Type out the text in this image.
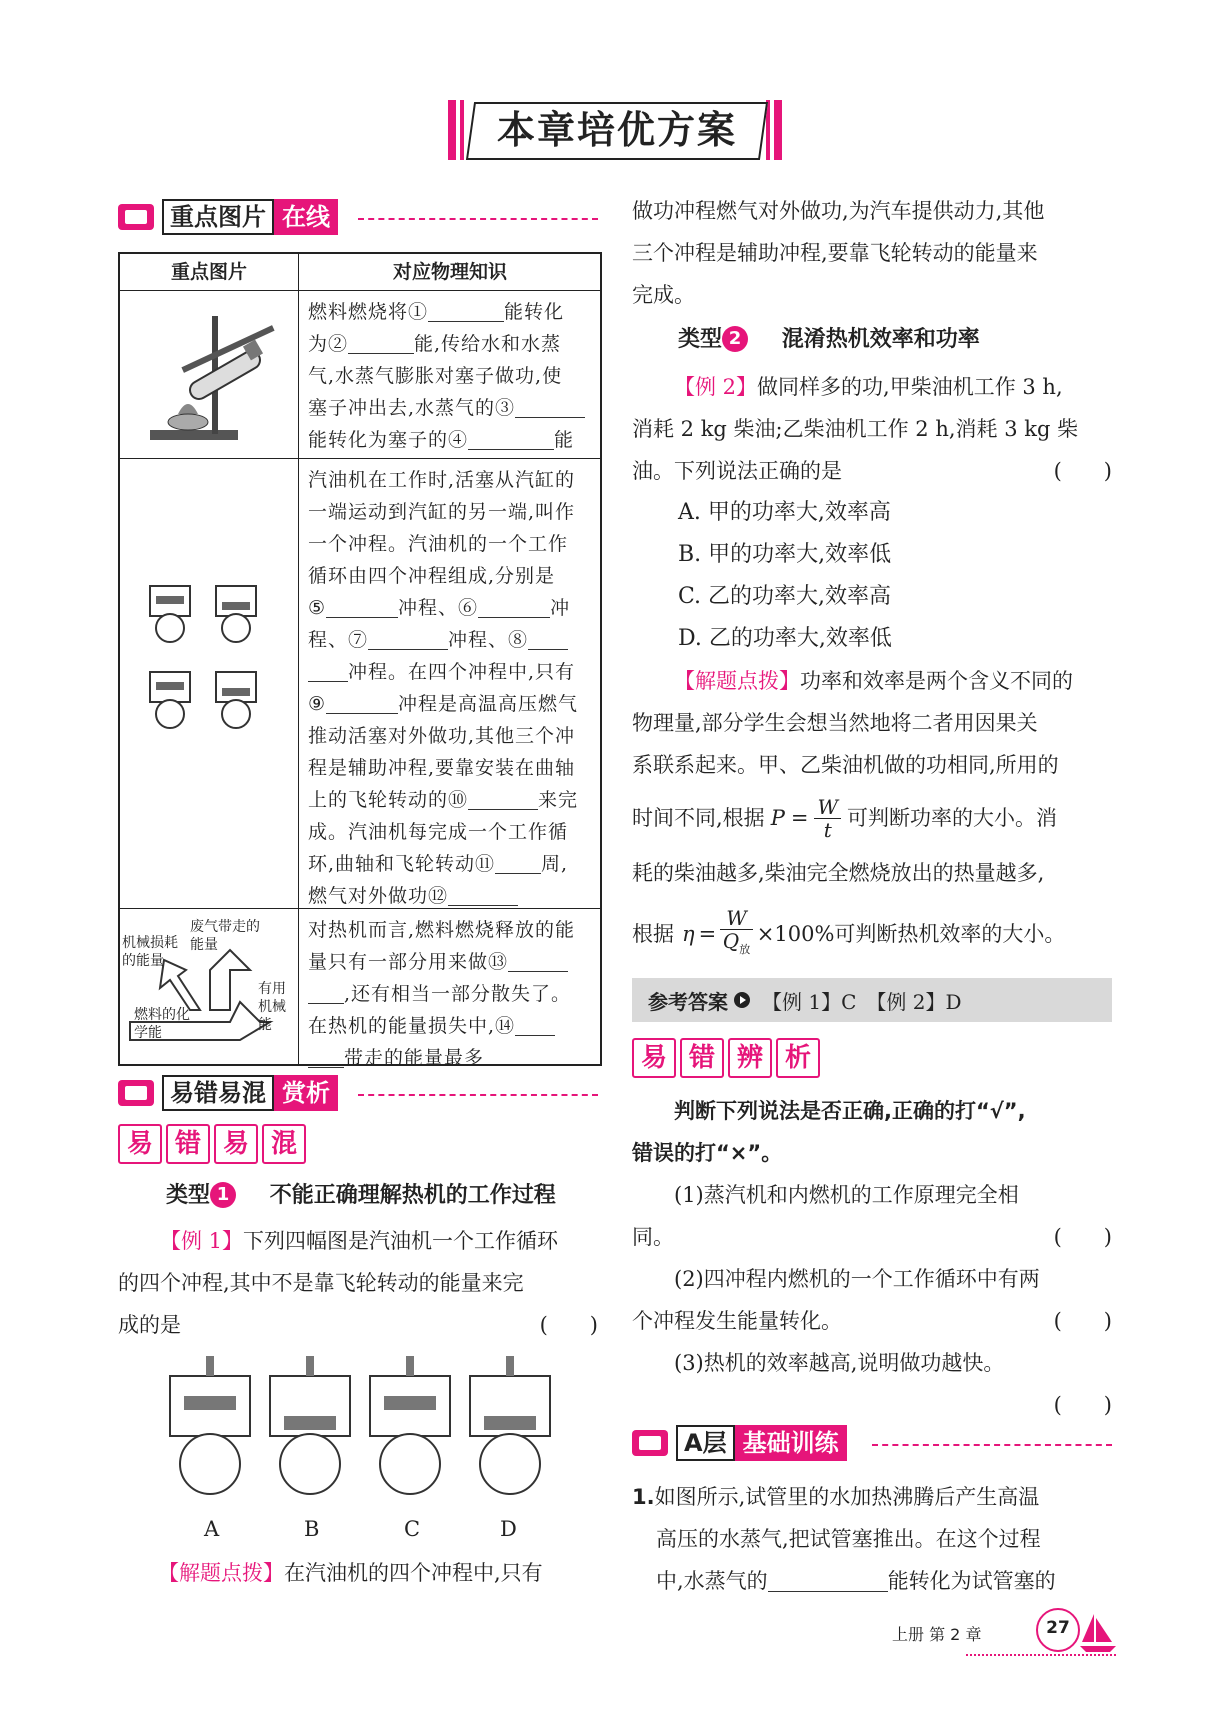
本章培优方案
重点图片 在线
重点图片	对应物理知识
燃料燃烧将①	能转化
为②	能,传给水和水蒸
气,水蒸气膨胀对塞子做功,使
塞子冲出去,水蒸气的③
能转化为塞子的④	能
汽油机在工作时,活塞从汽缸的
一端运动到汽缸的另一端,叫作
一个冲程。汽油机的一个工作
循环由四个冲程组成,分别是
⑤	冲程、⑥	冲
程、⑦	冲程、⑧
冲程。在四个冲程中,只有
⑨	冲程是高温高压燃气
推动活塞对外做功,其他三个冲
程是辅助冲程,要靠安装在曲轴
上的飞轮转动的⑩	来完
成。汽油机每完成一个工作循
环,曲轴和飞轮转动⑪ 周,
燃气对外做功⑫
机械损耗的能量
废气带走的能量
燃料的化学能
有用机械能
对热机而言,燃料燃烧释放的能
量只有一部分用来做⑬
,还有相当一部分散失了。
在热机的能量损失中,⑭
带走的能量最多
易错易混 赏析
易 错 易 混
类型 1 不能正确理解热机的工作过程
【例 1】下列四幅图是汽油机一个工作循环
的四个冲程,其中不是靠飞轮转动的能量来完
成的是	(　　)
A	B	C	D
【解题点拨】在汽油机的四个冲程中,只有
做功冲程燃气对外做功,为汽车提供动力,其他
三个冲程是辅助冲程,要靠飞轮转动的能量来
完成。
类型 2 混淆热机效率和功率
【例 2】做同样多的功,甲柴油机工作 3 h,
消耗 2 kg 柴油;乙柴油机工作 2 h,消耗 3 kg 柴
油。下列说法正确的是	(　　)
A. 甲的功率大,效率高
B. 甲的功率大,效率低
C. 乙的功率大,效率高
D. 乙的功率大,效率低
【解题点拨】功率和效率是两个含义不同的
物理量,部分学生会想当然地将二者用因果关
系联系起来。甲、乙柴油机做的功相同,所用的
时间不同,根据 $P = \frac{W}{t}$ 可判断功率的大小。消
耗的柴油越多,柴油完全燃烧放出的热量越多,
根据 η =
W
$Q_放$
×100%可判断热机效率的大小。
参考答案 【例 1】C　【例 2】D
易 错 辨 析
判断下列说法是否正确,正确的打“√”,
错误的打“×”。
(1)蒸汽机和内燃机的工作原理完全相
同。	(　　)
(2)四冲程内燃机的一个工作循环中有两
个冲程发生能量转化。	(　　)
(3)热机的效率越高,说明做功越快。
(　　)
A层 基础训练
1.如图所示,试管里的水加热沸腾后产生高温
高压的水蒸气,把试管塞推出。在这个过程
中,水蒸气的	能转化为试管塞的
上册 第 2 章	27
